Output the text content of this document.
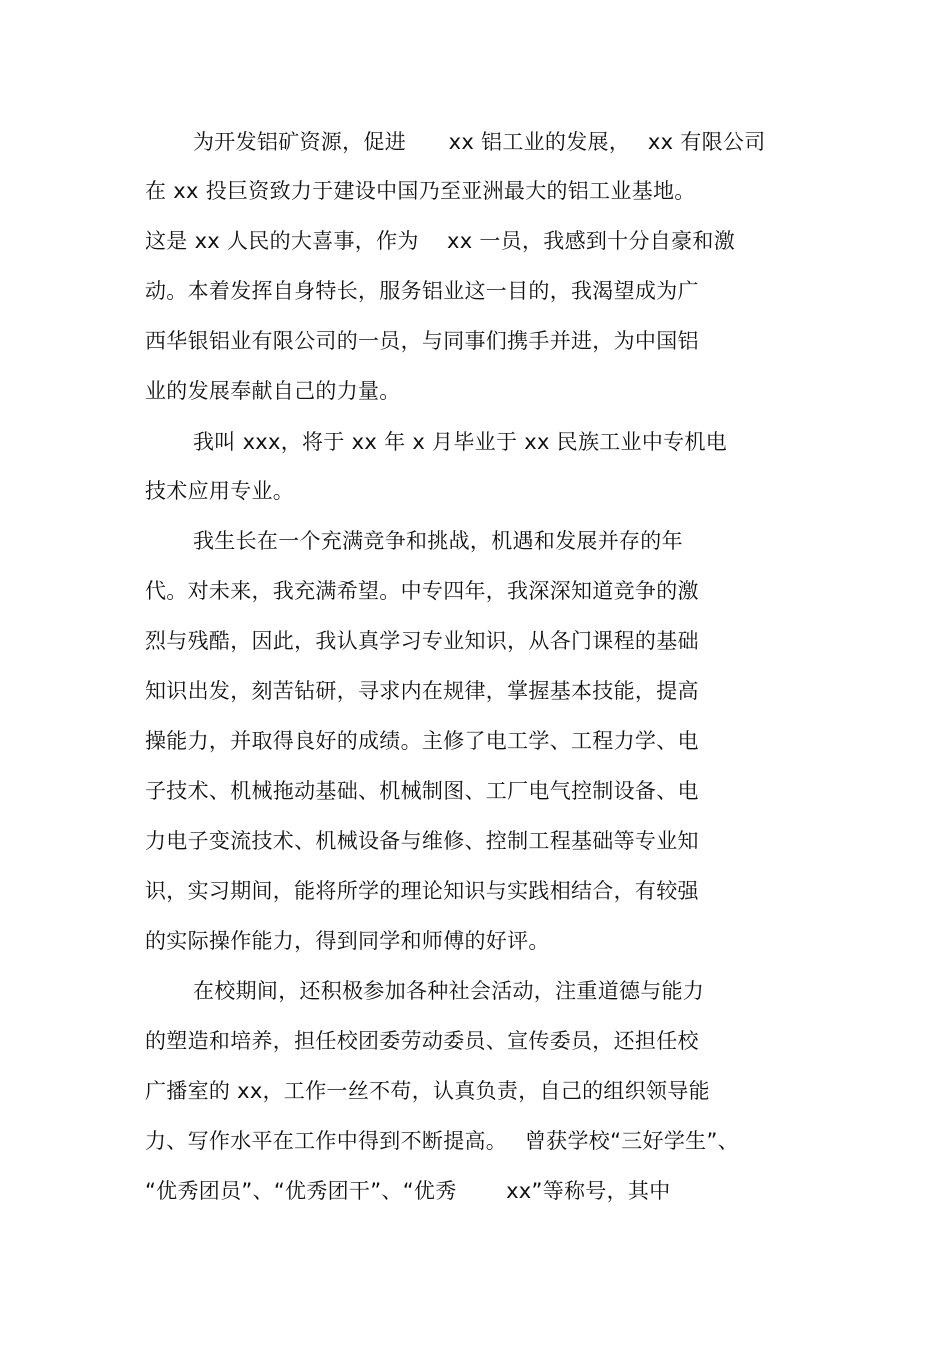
为开发铝矿资源，促进　　xx 铝工业的发展，　 xx 有限公司
在 xx 投巨资致力于建设中国乃至亚洲最大的铝工业基地。
这是 xx 人民的大喜事，作为　 xx 一员，我感到十分自豪和激
动。本着发挥自身特长，服务铝业这一目的，我渴望成为广
西华银铝业有限公司的一员，与同事们携手并进，为中国铝
业的发展奉献自己的力量。
我叫 xxx，将于 xx 年 x 月毕业于 xx 民族工业中专机电
技术应用专业。
我生长在一个充满竞争和挑战，机遇和发展并存的年
代。对未来，我充满希望。中专四年，我深深知道竞争的激
烈与残酷，因此，我认真学习专业知识，从各门课程的基础
知识出发，刻苦钻研，寻求内在规律，掌握基本技能，提高
操能力，并取得良好的成绩。主修了电工学、工程力学、电
子技术、机械拖动基础、机械制图、工厂电气控制设备、电
力电子变流技术、机械设备与维修、控制工程基础等专业知
识，实习期间，能将所学的理论知识与实践相结合，有较强
的实际操作能力，得到同学和师傅的好评。
在校期间，还积极参加各种社会活动，注重道德与能力
的塑造和培养，担任校团委劳动委员、宣传委员，还担任校
广播室的 xx，工作一丝不苟，认真负责，自己的组织领导能
力、写作水平在工作中得到不断提高。　 曾获学校“三好学生”、
“优秀团员”、“优秀团干”、“优秀　　 xx”等称号，其中
